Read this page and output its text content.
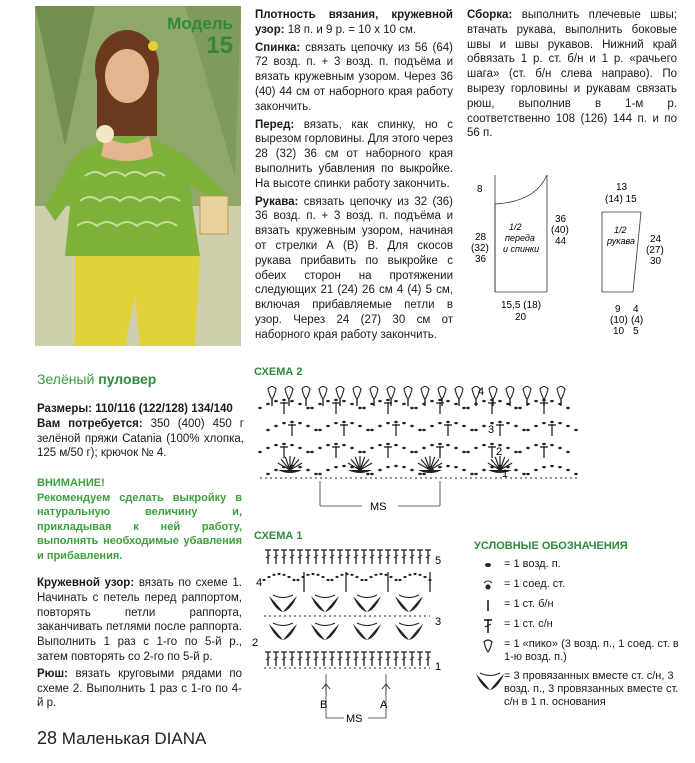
Модель
15

Плотность вязания, кружевной узор: 18 п. и 9 р. = 10 х 10 см.

Спинка: связать цепочку из 56 (64) 72 возд. п. + 3 возд. п. подъёма и вязать кружевным узором. Через 36 (40) 44 см от наборного края работу закончить.

Перед: вязать, как спинку, но с вырезом горловины. Для этого через 28 (32) 36 см от наборного края выполнить убавления по выкройке. На высоте спинки работу закончить.

Рукава: связать цепочку из 32 (36) 36 возд. п. + 3 возд. п. подъёма и вязать кружевным узором, начиная от стрелки А (В) В. Для скосов рукава прибавить по выкройке с обеих сторон на протяжении следующих 21 (24) 26 см 4 (4) 5 см, включая прибавляемые петли в узор. Через 24 (27) 30 см от наборного края работу закончить.

Сборка: выполнить плечевые швы; втачать рукава, выполнить боковые швы и швы рукавов. Нижний край обвязать 1 р. ст. б/н и 1 р. «рачьего шага» (ст. б/н слева направо). По вырезу горловины и рукавам связать рюш, выполнив в 1-м р. соответственно 108 (126) 144 п. и по 56 п.

8
1/2
переда
и спинки
28
(32)
36
36
(40)
44
15,5 (18)
20
13
(14) 15
1/2
рукава 24
(27)
30
9
(10)
10
4
(4)
5
Зелёный пуловер

Размеры: 110/116 (122/128) 134/140

Вам потребуется: 350 (400) 450 г зелёной пряжи Catania (100% хлопка, 125 м/50 г); крючок № 4.

ВНИМАНИЕ!
Рекомендуем сделать выкройку в натуральную величину и, прикладывая к ней работу, выполнять необходимые убавления и прибавления.

Кружевной узор: вязать по схеме 1. Начинать с петель перед раппортом, повторять петли раппорта, заканчивать петлями после раппорта. Выполнить 1 раз с 1-го по 5-й р., затем повторять со 2-го по 5-й р.

Рюш: вязать круговыми рядами по схеме 2. Выполнить 1 раз с 1-го по 4-й р.

28 Маленькая DIANA
СХЕМА 2
4
3
2
1
MS
СХЕМА 1
5
4
3
2
1
MS
B	A
УСЛОВНЫЕ ОБОЗНАЧЕНИЯ
= 1 возд. п.
= 1 соед. ст.
= 1 ст. б/н
= 1 ст. с/н
= 1 «пико» (3 возд. п., 1 соед. ст. в 1-ю возд. п.)
= 3 провязанных вместе ст. с/н, 3 возд. п., 3 провязанных вместе ст. с/н в 1 п. основания
